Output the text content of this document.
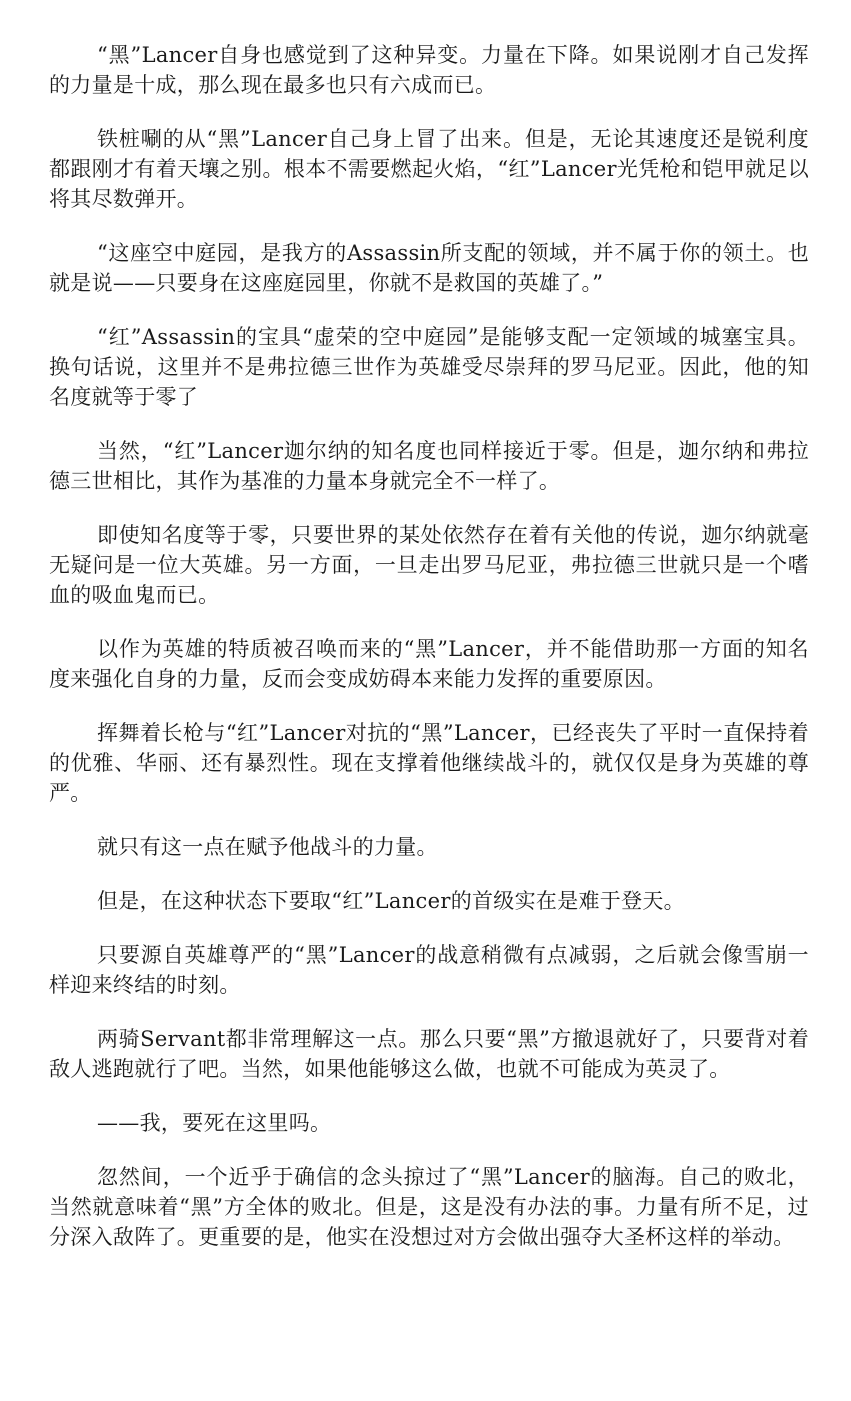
“黑”Lancer自身也感觉到了这种异变。力量在下降。如果说刚才自己发挥的力量是十成，那么现在最多也只有六成而已。

铁桩唰的从“黑”Lancer自己身上冒了出来。但是，无论其速度还是锐利度都跟刚才有着天壤之别。根本不需要燃起火焰，“红”Lancer光凭枪和铠甲就足以将其尽数弹开。

“这座空中庭园，是我方的Assassin所支配的领域，并不属于你的领土。也就是说——只要身在这座庭园里，你就不是救国的英雄了。”

“红”Assassin的宝具“虚荣的空中庭园”是能够支配一定领域的城塞宝具。换句话说，这里并不是弗拉德三世作为英雄受尽崇拜的罗马尼亚。因此，他的知名度就等于零了

当然，“红”Lancer迦尔纳的知名度也同样接近于零。但是，迦尔纳和弗拉德三世相比，其作为基准的力量本身就完全不一样了。

即使知名度等于零，只要世界的某处依然存在着有关他的传说，迦尔纳就毫无疑问是一位大英雄。另一方面，一旦走出罗马尼亚，弗拉德三世就只是一个嗜血的吸血鬼而已。

以作为英雄的特质被召唤而来的“黑”Lancer，并不能借助那一方面的知名度来强化自身的力量，反而会变成妨碍本来能力发挥的重要原因。

挥舞着长枪与“红”Lancer对抗的“黑”Lancer，已经丧失了平时一直保持着的优雅、华丽、还有暴烈性。现在支撑着他继续战斗的，就仅仅是身为英雄的尊严。

就只有这一点在赋予他战斗的力量。

但是，在这种状态下要取“红”Lancer的首级实在是难于登天。

只要源自英雄尊严的“黑”Lancer的战意稍微有点减弱，之后就会像雪崩一样迎来终结的时刻。

两骑Servant都非常理解这一点。那么只要“黑”方撤退就好了，只要背对着敌人逃跑就行了吧。当然，如果他能够这么做，也就不可能成为英灵了。

——我，要死在这里吗。

忽然间，一个近乎于确信的念头掠过了“黑”Lancer的脑海。自己的败北，当然就意味着“黑”方全体的败北。但是，这是没有办法的事。力量有所不足，过分深入敌阵了。更重要的是，他实在没想过对方会做出强夺大圣杯这样的举动。
